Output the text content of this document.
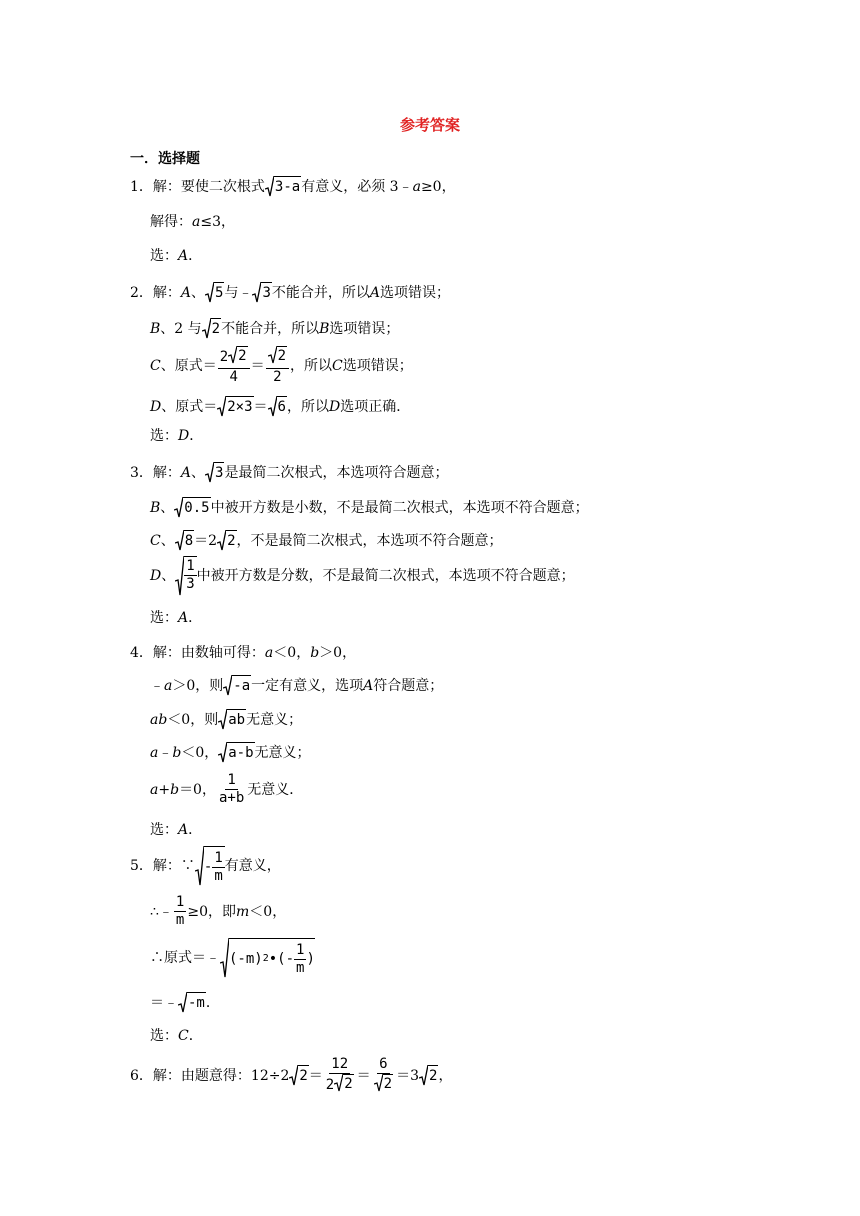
参考答案
一．选择题
1．解：要使二次根式 3-a 有意义，必须 3﹣ a ≥0，
解得： a ≤3，
选： A ．
2．解： A 、 5 与﹣ 3 不能合并，所以 A 选项错误；
B 、2 与 2 不能合并，所以 B 选项错误；
C 、原式＝ $\frac{2 2}{4} = \frac{2}{2}$ ，所以 C 选项错误；
D 、原式＝ 2×3 ＝ 6 ，所以 D 选项正确．
选： D ．
3．解： A 、 3 是最简二次根式，本选项符合题意；
B 、 0.5 中被开方数是小数，不是最简二次根式，本选项不符合题意；
C 、 8 ＝2 2 ，不是最简二次根式，本选项不符合题意；
D 、 $\frac{1}{3}$ 中被开方数是分数，不是最简二次根式，本选项不符合题意；
选： A ．
4．解：由数轴可得： a ＜0， b ＞0，
﹣ a ＞0，则 -a 一定有意义，选项 A 符合题意；
ab ＜0，则 ab 无意义；
a ﹣ b ＜0， a-b 无意义；
a + b ＝0， $\frac{1}{a+b}$ 无意义．
选： A ．
5．解：∵ - $\frac{1}{m}$ 有意义，
∴﹣ $\frac{1}{m} \ge 0$，即 m ＜0，
∴原式＝﹣ (-m) 2 •(- $\frac{1}{m}$ )
＝﹣ -m ．
选： C ．
6．解：由题意得：12÷2 $2 = \frac{12}{2 2} = \frac{6}{2} =3$ 2 ，
